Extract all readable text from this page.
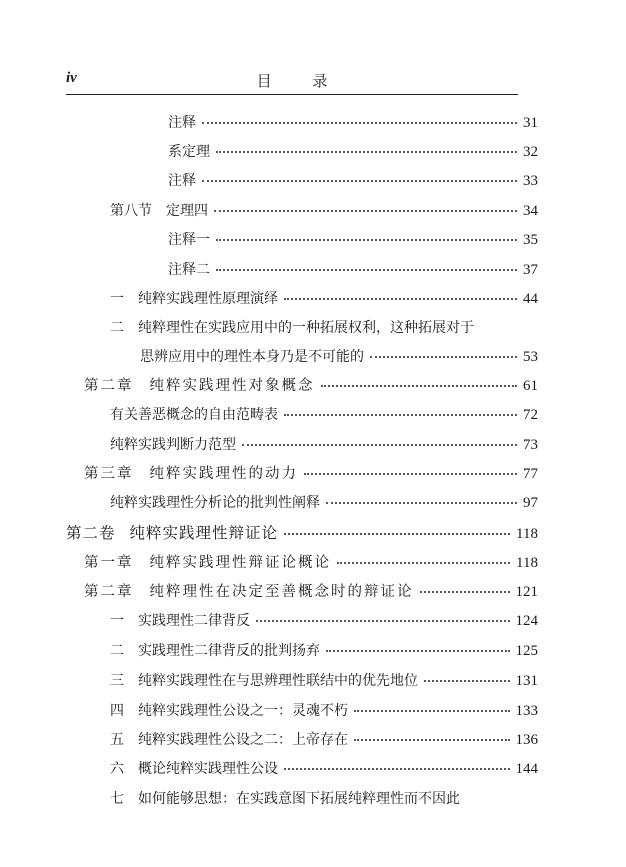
iv	目 录
注释	31
系定理	32
注释	33
第八节 定理四	34
注释一	35
注释二	37
一 纯粹实践理性原理演绎	44
二 纯粹理性在实践应用中的一种拓展权利，这种拓展对于
思辨应用中的理性本身乃是不可能的	53
第二章 纯粹实践理性对象概念	61
有关善恶概念的自由范畴表	72
纯粹实践判断力范型	73
第三章 纯粹实践理性的动力	77
纯粹实践理性分析论的批判性阐释	97
第二卷 纯粹实践理性辩证论	118
第一章 纯粹实践理性辩证论概论	118
第二章 纯粹理性在决定至善概念时的辩证论	121
一 实践理性二律背反	124
二 实践理性二律背反的批判扬弃	125
三 纯粹实践理性在与思辨理性联结中的优先地位	131
四 纯粹实践理性公设之一：灵魂不朽	133
五 纯粹实践理性公设之二：上帝存在	136
六 概论纯粹实践理性公设	144
七 如何能够思想：在实践意图下拓展纯粹理性而不因此
